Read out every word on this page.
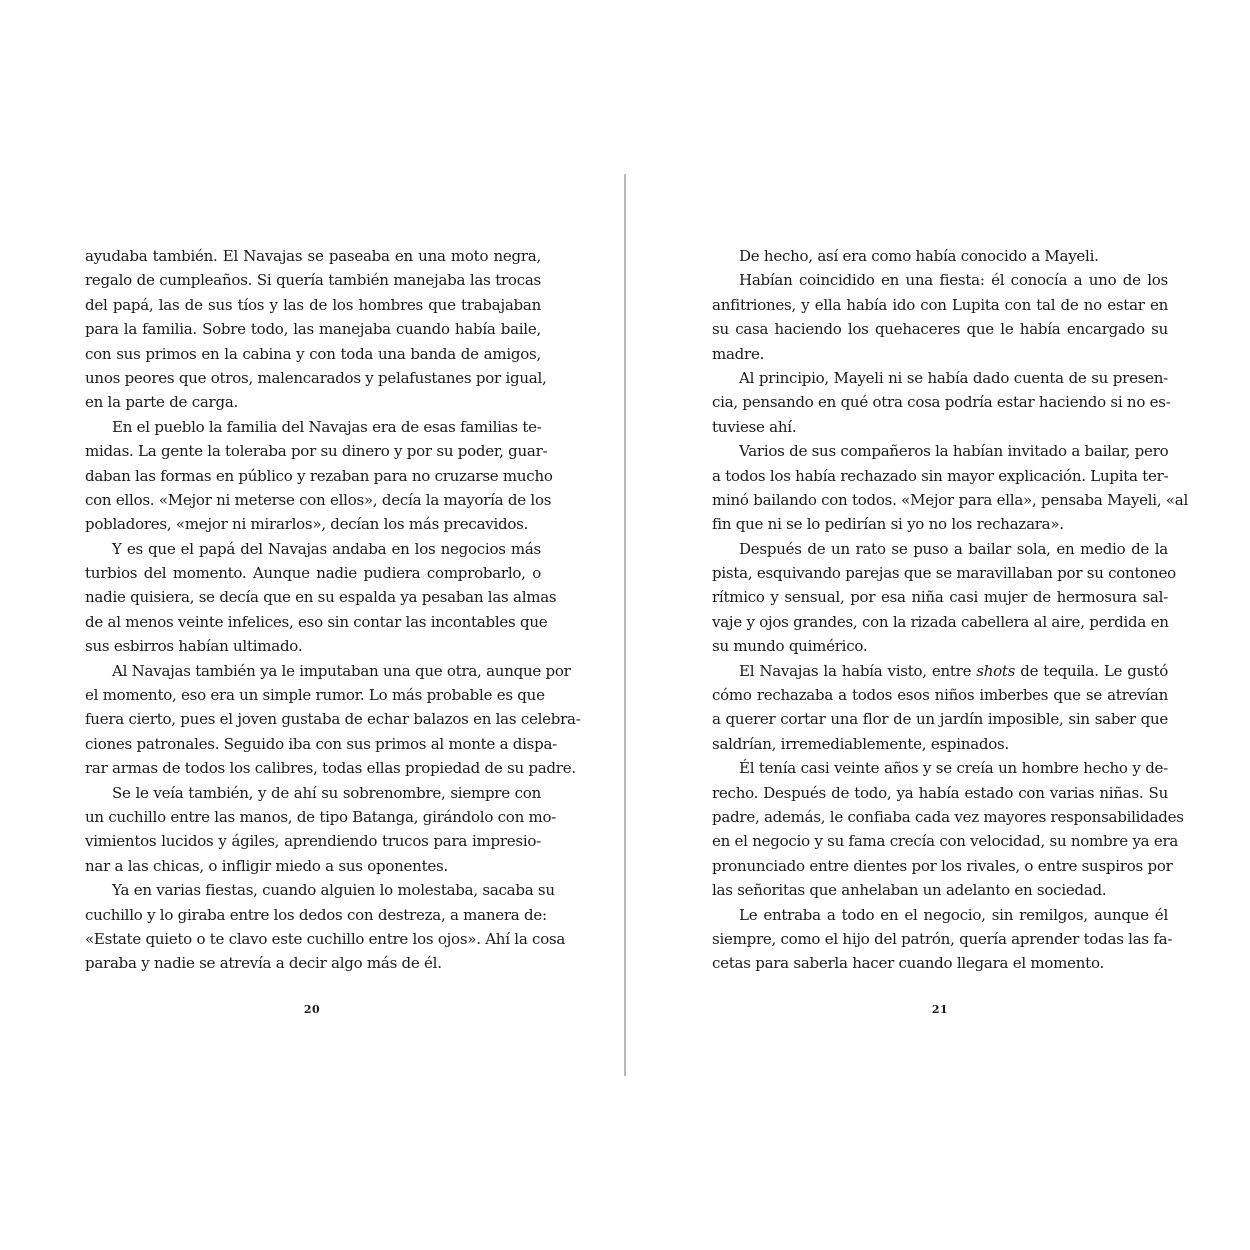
ayudaba también. El Navajas se paseaba en una moto negra,
regalo de cumpleaños. Si quería también manejaba las trocas
del papá, las de sus tíos y las de los hombres que trabajaban
para la familia. Sobre todo, las manejaba cuando había baile,
con sus primos en la cabina y con toda una banda de amigos,
unos peores que otros, malencarados y pelafustanes por igual,
en la parte de carga.
En el pueblo la familia del Navajas era de esas familias te-
midas. La gente la toleraba por su dinero y por su poder, guar-
daban las formas en público y rezaban para no cruzarse mucho
con ellos. «Mejor ni meterse con ellos», decía la mayoría de los
pobladores, «mejor ni mirarlos», decían los más precavidos.
Y es que el papá del Navajas andaba en los negocios más
turbios del momento. Aunque nadie pudiera comprobarlo, o
nadie quisiera, se decía que en su espalda ya pesaban las almas
de al menos veinte infelices, eso sin contar las incontables que
sus esbirros habían ultimado.
Al Navajas también ya le imputaban una que otra, aunque por
el momento, eso era un simple rumor. Lo más probable es que
fuera cierto, pues el joven gustaba de echar balazos en las celebra-
ciones patronales. Seguido iba con sus primos al monte a dispa-
rar armas de todos los calibres, todas ellas propiedad de su padre.
Se le veía también, y de ahí su sobrenombre, siempre con
un cuchillo entre las manos, de tipo Batanga, girándolo con mo-
vimientos lucidos y ágiles, aprendiendo trucos para impresio-
nar a las chicas, o infligir miedo a sus oponentes.
Ya en varias fiestas, cuando alguien lo molestaba, sacaba su
cuchillo y lo giraba entre los dedos con destreza, a manera de:
«Estate quieto o te clavo este cuchillo entre los ojos». Ahí la cosa
paraba y nadie se atrevía a decir algo más de él.
20
De hecho, así era como había conocido a Mayeli.
Habían coincidido en una fiesta: él conocía a uno de los
anfitriones, y ella había ido con Lupita con tal de no estar en
su casa haciendo los quehaceres que le había encargado su
madre.
Al principio, Mayeli ni se había dado cuenta de su presen-
cia, pensando en qué otra cosa podría estar haciendo si no es-
tuviese ahí.
Varios de sus compañeros la habían invitado a bailar, pero
a todos los había rechazado sin mayor explicación. Lupita ter-
minó bailando con todos. «Mejor para ella», pensaba Mayeli, «al
fin que ni se lo pedirían si yo no los rechazara».
Después de un rato se puso a bailar sola, en medio de la
pista, esquivando parejas que se maravillaban por su contoneo
rítmico y sensual, por esa niña casi mujer de hermosura sal-
vaje y ojos grandes, con la rizada cabellera al aire, perdida en
su mundo quimérico.
El Navajas la había visto, entre shots de tequila. Le gustó
cómo rechazaba a todos esos niños imberbes que se atrevían
a querer cortar una flor de un jardín imposible, sin saber que
saldrían, irremediablemente, espinados.
Él tenía casi veinte años y se creía un hombre hecho y de-
recho. Después de todo, ya había estado con varias niñas. Su
padre, además, le confiaba cada vez mayores responsabilidades
en el negocio y su fama crecía con velocidad, su nombre ya era
pronunciado entre dientes por los rivales, o entre suspiros por
las señoritas que anhelaban un adelanto en sociedad.
Le entraba a todo en el negocio, sin remilgos, aunque él
siempre, como el hijo del patrón, quería aprender todas las fa-
cetas para saberla hacer cuando llegara el momento.
21
